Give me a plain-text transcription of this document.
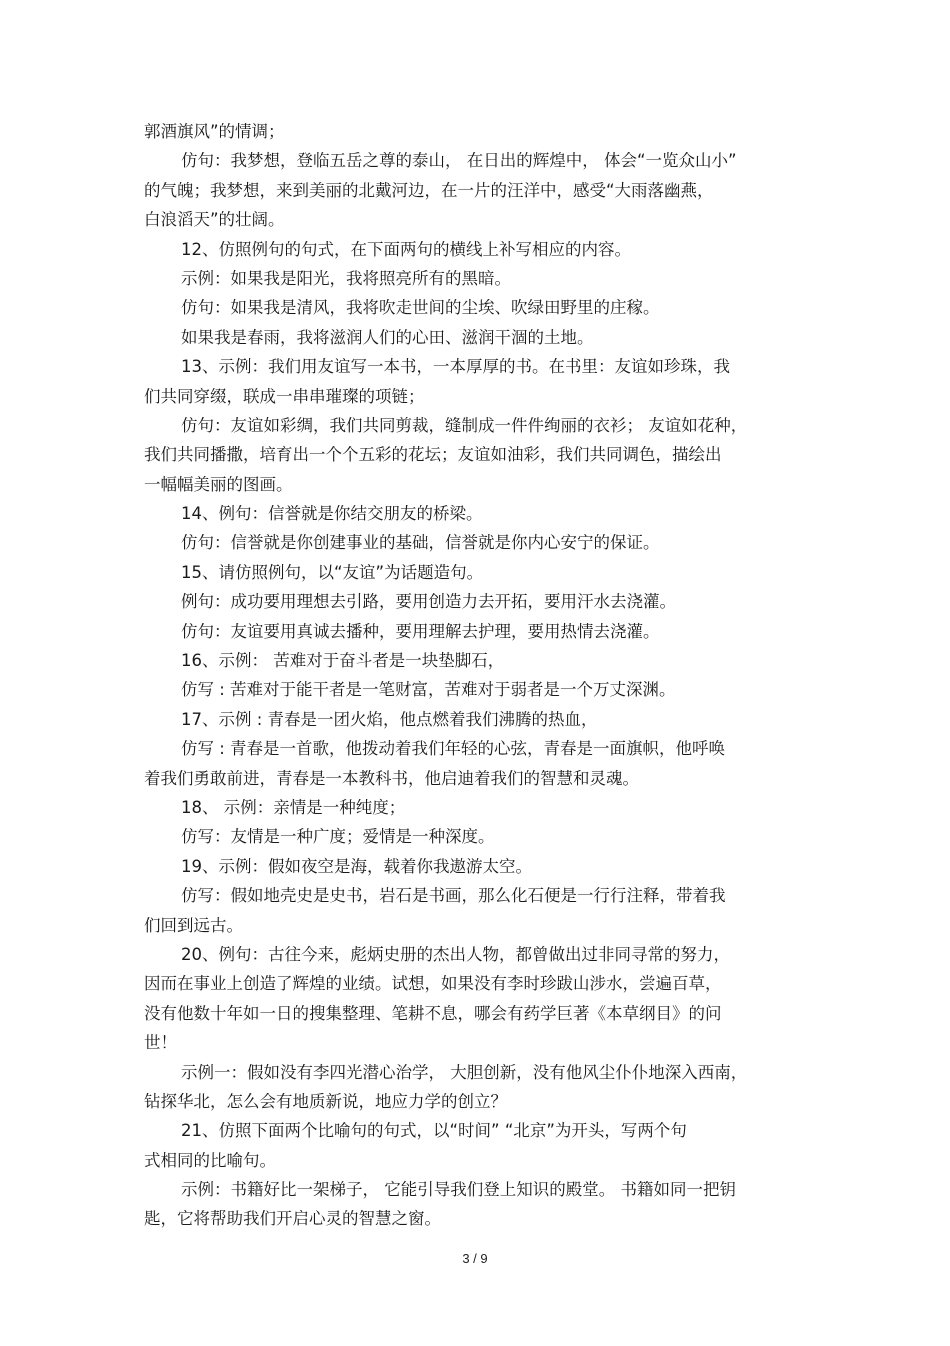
郭酒旗风”的情调；
仿句：我梦想，登临五岳之尊的泰山， 在日出的辉煌中， 体会“一览众山小”
的气魄；我梦想，来到美丽的北戴河边，在一片的汪洋中，感受“大雨落幽燕，
白浪滔天”的壮阔。
12、仿照例句的句式，在下面两句的横线上补写相应的内容。
示例：如果我是阳光，我将照亮所有的黑暗。
仿句：如果我是清风，我将吹走世间的尘埃、吹绿田野里的庄稼。
如果我是春雨，我将滋润人们的心田、滋润干涸的土地。
13、示例：我们用友谊写一本书，一本厚厚的书。在书里：友谊如珍珠，我
们共同穿缀，联成一串串璀璨的项链；
仿句：友谊如彩绸，我们共同剪裁，缝制成一件件绚丽的衣衫； 友谊如花种，
我们共同播撒，培育出一个个五彩的花坛；友谊如油彩，我们共同调色，描绘出
一幅幅美丽的图画。
14、例句：信誉就是你结交朋友的桥梁。
仿句：信誉就是你创建事业的基础，信誉就是你内心安宁的保证。
15、请仿照例句，以“友谊”为话题造句。
例句：成功要用理想去引路，要用创造力去开拓，要用汗水去浇灌。
仿句：友谊要用真诚去播种，要用理解去护理，要用热情去浇灌。
16、示例： 苦难对于奋斗者是一块垫脚石，
仿写 : 苦难对于能干者是一笔财富，苦难对于弱者是一个万丈深渊。
17、示例 : 青春是一团火焰，他点燃着我们沸腾的热血，
仿写 : 青春是一首歌，他拨动着我们年轻的心弦，青春是一面旗帜，他呼唤
着我们勇敢前进，青春是一本教科书，他启迪着我们的智慧和灵魂。
18、 示例：亲情是一种纯度；
仿写：友情是一种广度；爱情是一种深度。
19、示例：假如夜空是海，载着你我遨游太空。
仿写：假如地壳史是史书，岩石是书画，那么化石便是一行行注释，带着我
们回到远古。
20、例句：古往今来，彪炳史册的杰出人物，都曾做出过非同寻常的努力，
因而在事业上创造了辉煌的业绩。试想，如果没有李时珍跋山涉水，尝遍百草，
没有他数十年如一日的搜集整理、笔耕不息，哪会有药学巨著《本草纲目》的问
世！
示例一：假如没有李四光潜心治学， 大胆创新，没有他风尘仆仆地深入西南，
钻探华北，怎么会有地质新说，地应力学的创立？
21、仿照下面两个比喻句的句式，以“时间” “北京”为开头，写两个句
式相同的比喻句。
示例：书籍好比一架梯子， 它能引导我们登上知识的殿堂。 书籍如同一把钥
匙，它将帮助我们开启心灵的智慧之窗。
3 / 9
